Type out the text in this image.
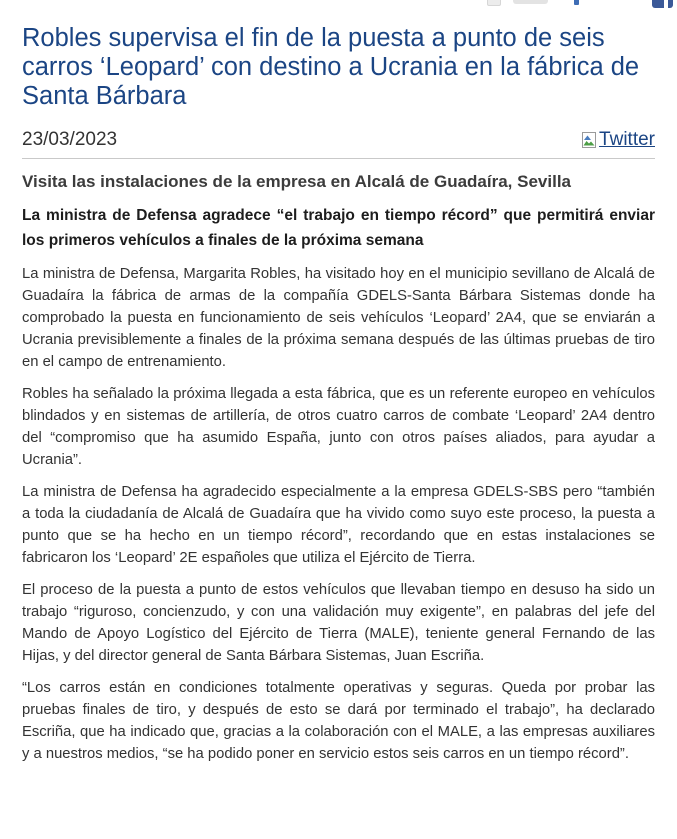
Robles supervisa el fin de la puesta a punto de seis carros ‘Leopard’ con destino a Ucrania en la fábrica de Santa Bárbara
23/03/2023	Twitter
Visita las instalaciones de la empresa en Alcalá de Guadaíra, Sevilla

La ministra de Defensa agradece “el trabajo en tiempo récord” que permitirá enviar los primeros vehículos a finales de la próxima semana

La ministra de Defensa, Margarita Robles, ha visitado hoy en el municipio sevillano de Alcalá de Guadaíra la fábrica de armas de la compañía GDELS-Santa Bárbara Sistemas donde ha comprobado la puesta en funcionamiento de seis vehículos ‘Leopard’ 2A4, que se enviarán a Ucrania previsiblemente a finales de la próxima semana después de las últimas pruebas de tiro en el campo de entrenamiento.

Robles ha señalado la próxima llegada a esta fábrica, que es un referente europeo en vehículos blindados y en sistemas de artillería, de otros cuatro carros de combate ‘Leopard’ 2A4 dentro del “compromiso que ha asumido España, junto con otros países aliados, para ayudar a Ucrania”.

La ministra de Defensa ha agradecido especialmente a la empresa GDELS-SBS pero “también a toda la ciudadanía de Alcalá de Guadaíra que ha vivido como suyo este proceso, la puesta a punto que se ha hecho en un tiempo récord”, recordando que en estas instalaciones se fabricaron los ‘Leopard’ 2E españoles que utiliza el Ejército de Tierra.

El proceso de la puesta a punto de estos vehículos que llevaban tiempo en desuso ha sido un trabajo “riguroso, concienzudo, y con una validación muy exigente”, en palabras del jefe del Mando de Apoyo Logístico del Ejército de Tierra (MALE), teniente general Fernando de las Hijas, y del director general de Santa Bárbara Sistemas, Juan Escriña.

“Los carros están en condiciones totalmente operativas y seguras. Queda por probar las pruebas finales de tiro, y después de esto se dará por terminado el trabajo”, ha declarado Escriña, que ha indicado que, gracias a la colaboración con el MALE, a las empresas auxiliares y a nuestros medios, “se ha podido poner en servicio estos seis carros en un tiempo récord”.
